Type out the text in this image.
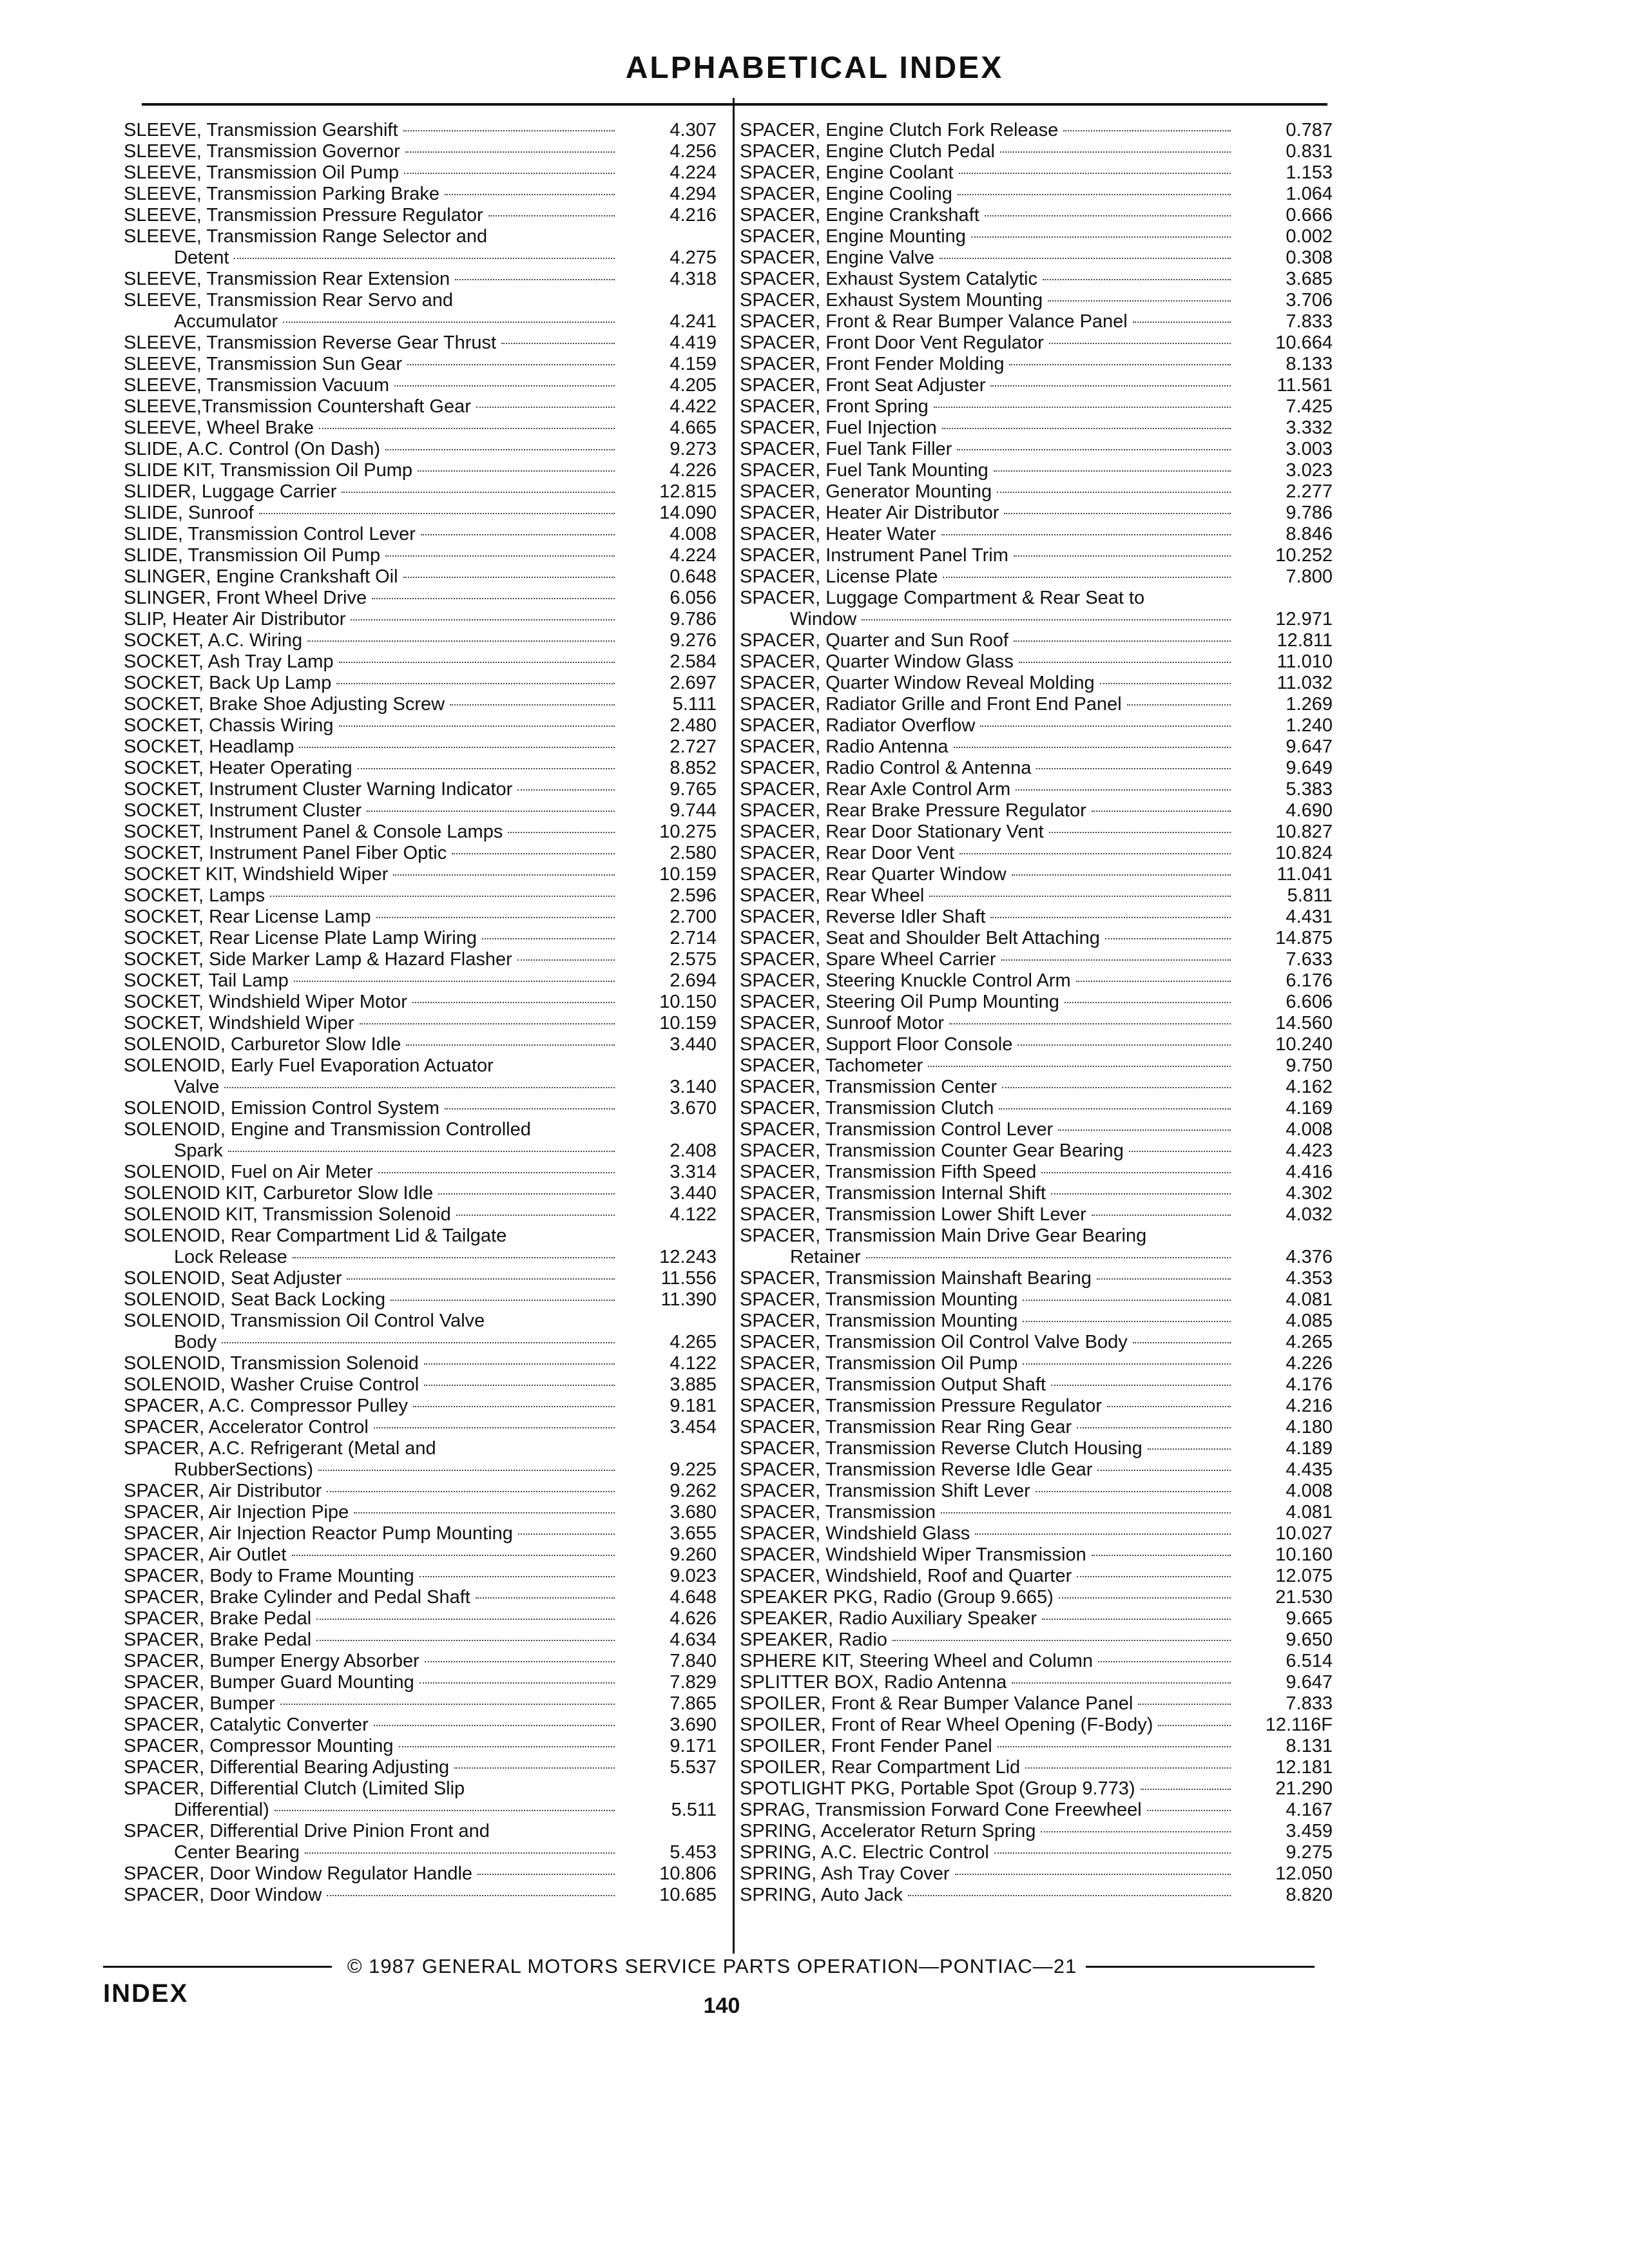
ALPHABETICAL INDEX
SLEEVE, Transmission Gearshift	4.307
SLEEVE, Transmission Governor	4.256
SLEEVE, Transmission Oil Pump	4.224
SLEEVE, Transmission Parking Brake	4.294
SLEEVE, Transmission Pressure Regulator	4.216
SLEEVE, Transmission Range Selector and
Detent	4.275
SLEEVE, Transmission Rear Extension	4.318
SLEEVE, Transmission Rear Servo and
Accumulator	4.241
SLEEVE, Transmission Reverse Gear Thrust	4.419
SLEEVE, Transmission Sun Gear	4.159
SLEEVE, Transmission Vacuum	4.205
SLEEVE,Transmission Countershaft Gear	4.422
SLEEVE, Wheel Brake	4.665
SLIDE, A.C. Control (On Dash)	9.273
SLIDE KIT, Transmission Oil Pump	4.226
SLIDER, Luggage Carrier	12.815
SLIDE, Sunroof	14.090
SLIDE, Transmission Control Lever	4.008
SLIDE, Transmission Oil Pump	4.224
SLINGER, Engine Crankshaft Oil	0.648
SLINGER, Front Wheel Drive	6.056
SLIP, Heater Air Distributor	9.786
SOCKET, A.C. Wiring	9.276
SOCKET, Ash Tray Lamp	2.584
SOCKET, Back Up Lamp	2.697
SOCKET, Brake Shoe Adjusting Screw	5.111
SOCKET, Chassis Wiring	2.480
SOCKET, Headlamp	2.727
SOCKET, Heater Operating	8.852
SOCKET, Instrument Cluster Warning Indicator	9.765
SOCKET, Instrument Cluster	9.744
SOCKET, Instrument Panel & Console Lamps	10.275
SOCKET, Instrument Panel Fiber Optic	2.580
SOCKET KIT, Windshield Wiper	10.159
SOCKET, Lamps	2.596
SOCKET, Rear License Lamp	2.700
SOCKET, Rear License Plate Lamp Wiring	2.714
SOCKET, Side Marker Lamp & Hazard Flasher	2.575
SOCKET, Tail Lamp	2.694
SOCKET, Windshield Wiper Motor	10.150
SOCKET, Windshield Wiper	10.159
SOLENOID, Carburetor Slow Idle	3.440
SOLENOID, Early Fuel Evaporation Actuator
Valve	3.140
SOLENOID, Emission Control System	3.670
SOLENOID, Engine and Transmission Controlled
Spark	2.408
SOLENOID, Fuel on Air Meter	3.314
SOLENOID KIT, Carburetor Slow Idle	3.440
SOLENOID KIT, Transmission Solenoid	4.122
SOLENOID, Rear Compartment Lid & Tailgate
Lock Release	12.243
SOLENOID, Seat Adjuster	11.556
SOLENOID, Seat Back Locking	11.390
SOLENOID, Transmission Oil Control Valve
Body	4.265
SOLENOID, Transmission Solenoid	4.122
SOLENOID, Washer Cruise Control	3.885
SPACER, A.C. Compressor Pulley	9.181
SPACER, Accelerator Control	3.454
SPACER, A.C. Refrigerant (Metal and
RubberSections)	9.225
SPACER, Air Distributor	9.262
SPACER, Air Injection Pipe	3.680
SPACER, Air Injection Reactor Pump Mounting	3.655
SPACER, Air Outlet	9.260
SPACER, Body to Frame Mounting	9.023
SPACER, Brake Cylinder and Pedal Shaft	4.648
SPACER, Brake Pedal	4.626
SPACER, Brake Pedal	4.634
SPACER, Bumper Energy Absorber	7.840
SPACER, Bumper Guard Mounting	7.829
SPACER, Bumper	7.865
SPACER, Catalytic Converter	3.690
SPACER, Compressor Mounting	9.171
SPACER, Differential Bearing Adjusting	5.537
SPACER, Differential Clutch (Limited Slip
Differential)	5.511
SPACER, Differential Drive Pinion Front and
Center Bearing	5.453
SPACER, Door Window Regulator Handle	10.806
SPACER, Door Window	10.685
SPACER, Engine Clutch Fork Release	0.787
SPACER, Engine Clutch Pedal	0.831
SPACER, Engine Coolant	1.153
SPACER, Engine Cooling	1.064
SPACER, Engine Crankshaft	0.666
SPACER, Engine Mounting	0.002
SPACER, Engine Valve	0.308
SPACER, Exhaust System Catalytic	3.685
SPACER, Exhaust System Mounting	3.706
SPACER, Front & Rear Bumper Valance Panel	7.833
SPACER, Front Door Vent Regulator	10.664
SPACER, Front Fender Molding	8.133
SPACER, Front Seat Adjuster	11.561
SPACER, Front Spring	7.425
SPACER, Fuel Injection	3.332
SPACER, Fuel Tank Filler	3.003
SPACER, Fuel Tank Mounting	3.023
SPACER, Generator Mounting	2.277
SPACER, Heater Air Distributor	9.786
SPACER, Heater Water	8.846
SPACER, Instrument Panel Trim	10.252
SPACER, License Plate	7.800
SPACER, Luggage Compartment & Rear Seat to
Window	12.971
SPACER, Quarter and Sun Roof	12.811
SPACER, Quarter Window Glass	11.010
SPACER, Quarter Window Reveal Molding	11.032
SPACER, Radiator Grille and Front End Panel	1.269
SPACER, Radiator Overflow	1.240
SPACER, Radio Antenna	9.647
SPACER, Radio Control & Antenna	9.649
SPACER, Rear Axle Control Arm	5.383
SPACER, Rear Brake Pressure Regulator	4.690
SPACER, Rear Door Stationary Vent	10.827
SPACER, Rear Door Vent	10.824
SPACER, Rear Quarter Window	11.041
SPACER, Rear Wheel	5.811
SPACER, Reverse Idler Shaft	4.431
SPACER, Seat and Shoulder Belt Attaching	14.875
SPACER, Spare Wheel Carrier	7.633
SPACER, Steering Knuckle Control Arm	6.176
SPACER, Steering Oil Pump Mounting	6.606
SPACER, Sunroof Motor	14.560
SPACER, Support Floor Console	10.240
SPACER, Tachometer	9.750
SPACER, Transmission Center	4.162
SPACER, Transmission Clutch	4.169
SPACER, Transmission Control Lever	4.008
SPACER, Transmission Counter Gear Bearing	4.423
SPACER, Transmission Fifth Speed	4.416
SPACER, Transmission Internal Shift	4.302
SPACER, Transmission Lower Shift Lever	4.032
SPACER, Transmission Main Drive Gear Bearing
Retainer	4.376
SPACER, Transmission Mainshaft Bearing	4.353
SPACER, Transmission Mounting	4.081
SPACER, Transmission Mounting	4.085
SPACER, Transmission Oil Control Valve Body	4.265
SPACER, Transmission Oil Pump	4.226
SPACER, Transmission Output Shaft	4.176
SPACER, Transmission Pressure Regulator	4.216
SPACER, Transmission Rear Ring Gear	4.180
SPACER, Transmission Reverse Clutch Housing	4.189
SPACER, Transmission Reverse Idle Gear	4.435
SPACER, Transmission Shift Lever	4.008
SPACER, Transmission	4.081
SPACER, Windshield Glass	10.027
SPACER, Windshield Wiper Transmission	10.160
SPACER, Windshield, Roof and Quarter	12.075
SPEAKER PKG, Radio (Group 9.665)	21.530
SPEAKER, Radio Auxiliary Speaker	9.665
SPEAKER, Radio	9.650
SPHERE KIT, Steering Wheel and Column	6.514
SPLITTER BOX, Radio Antenna	9.647
SPOILER, Front & Rear Bumper Valance Panel	7.833
SPOILER, Front of Rear Wheel Opening (F-Body)	12.116F
SPOILER, Front Fender Panel	8.131
SPOILER, Rear Compartment Lid	12.181
SPOTLIGHT PKG, Portable Spot (Group 9.773)	21.290
SPRAG, Transmission Forward Cone Freewheel	4.167
SPRING, Accelerator Return Spring	3.459
SPRING, A.C. Electric Control	9.275
SPRING, Ash Tray Cover	12.050
SPRING, Auto Jack	8.820
© 1987 GENERAL MOTORS SERVICE PARTS OPERATION—PONTIAC—21
INDEX	140
